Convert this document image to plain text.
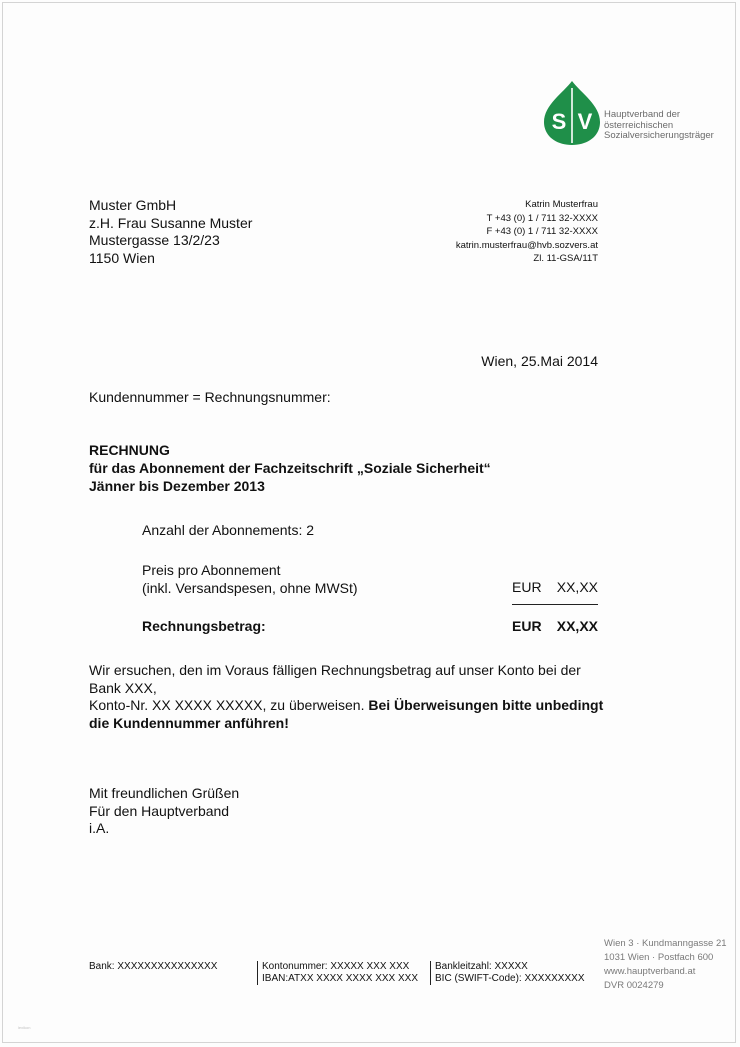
S V Hauptverband der
österreichischen
Sozialversicherungsträger
Muster GmbH
z.H. Frau Susanne Muster
Mustergasse 13/2/23
1150 Wien
Katrin Musterfrau
T +43 (0) 1 / 711 32-XXXX
F +43 (0) 1 / 711 32-XXXX
katrin.musterfrau@hvb.sozvers.at
Zl. 11-GSA/11T
Wien, 25.Mai 2014
Kundennummer = Rechnungsnummer:
RECHNUNG
für das Abonnement der Fachzeitschrift „Soziale Sicherheit“
Jänner bis Dezember 2013
Anzahl der Abonnements: 2
Preis pro Abonnement
(inkl. Versandspesen, ohne MWSt)	EUR XX,XX
Rechnungsbetrag:	EUR XX,XX
Wir ersuchen, den im Voraus fälligen Rechnungsbetrag auf unser Konto bei der
Bank XXX,
Konto-Nr. XX XXXX XXXXX, zu überweisen. Bei Überweisungen bitte unbedingt
die Kundennummer anführen!
Mit freundlichen Grüßen
Für den Hauptverband
i.A.
Wien 3 · Kundmanngasse 21
1031 Wien · Postfach 600
www.hauptverband.at
DVR 0024279
Bank: XXXXXXXXXXXXXXX	Kontonummer: XXXXX XXX XXX
IBAN:ATXX XXXX XXXX XXX XXX
Bankleitzahl: XXXXX
BIC (SWIFT-Code): XXXXXXXXX
lexikon
